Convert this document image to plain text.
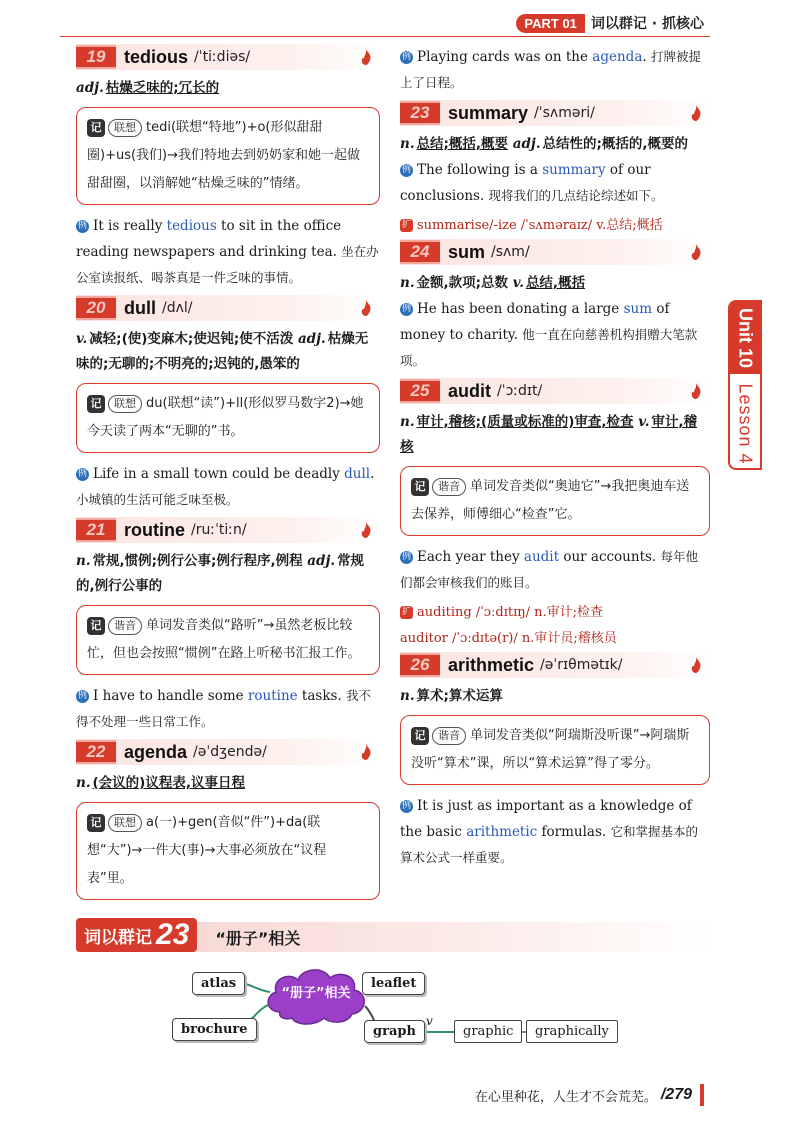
PART 01	词以群记 · 抓核心
Unit 10
Lesson 4
19	tedious /ˈtiːdiəs/
adj. 枯燥乏味的;冗长的
记 联想 tedi(联想“特地”)+o(形似甜甜圈)+us(我们)→我们特地去到奶奶家和她一起做甜甜圈，以消解她“枯燥乏味的”情绪。
例 It is really tedious to sit in the office reading newspapers and drinking tea. 坐在办公室读报纸、喝茶真是一件乏味的事情。
20	dull /dʌl/
v. 减轻;(使)变麻木;使迟钝;使不活泼 adj. 枯燥无味的;无聊的;不明亮的;迟钝的,愚笨的
记 联想 du(联想“读”)+ll(形似罗马数字2)→她今天读了两本“无聊的”书。
例 Life in a small town could be deadly dull. 小城镇的生活可能乏味至极。
21	routine /ruːˈtiːn/
n. 常规,惯例;例行公事;例行程序,例程 adj. 常规的,例行公事的
记 谐音 单词发音类似“路听”→虽然老板比较忙，但也会按照“惯例”在路上听秘书汇报工作。
例 I have to handle some routine tasks. 我不得不处理一些日常工作。
22	agenda /əˈdʒendə/
n. (会议的)议程表,议事日程
记 联想 a(一)+gen(音似“件”)+da(联想“大”)→一件大(事)→大事必须放在“议程表”里。
例 Playing cards was on the agenda. 打牌被提上了日程。
23	summary /ˈsʌməri/
n. 总结;概括,概要 adj. 总结性的;概括的,概要的
例 The following is a summary of our conclusions. 现将我们的几点结论综述如下。
扩 summarise/-ize /ˈsʌməraɪz/ v.总结;概括
24	sum /sʌm/
n. 金额,款项;总数 v. 总结,概括
例 He has been donating a large sum of money to charity. 他一直在向慈善机构捐赠大笔款项。
25	audit /ˈɔːdɪt/
n. 审计,稽核;(质量或标准的)审查,检查 v. 审计,稽核
记 谐音 单词发音类似“奥迪它”→我把奥迪车送去保养，师傅细心“检查”它。
例 Each year they audit our accounts. 每年他们都会审核我们的账目。
扩 auditing /ˈɔːdɪtɪŋ/ n.审计;检查
auditor /ˈɔːdɪtə(r)/ n.审计员;稽核员
26	arithmetic /əˈrɪθmətɪk/
n. 算术;算术运算
记 谐音 单词发音类似“阿瑞斯没听课”→阿瑞斯没听“算术”课，所以“算术运算”得了零分。
例 It is just as important as a knowledge of the basic arithmetic formulas. 它和掌握基本的算术公式一样重要。
词以群记 23 “册子”相关
“册子”相关
atlas
brochure
leaflet
graph
v
graphic	graphically
在心里种花，人生才不会荒芜。 /279
